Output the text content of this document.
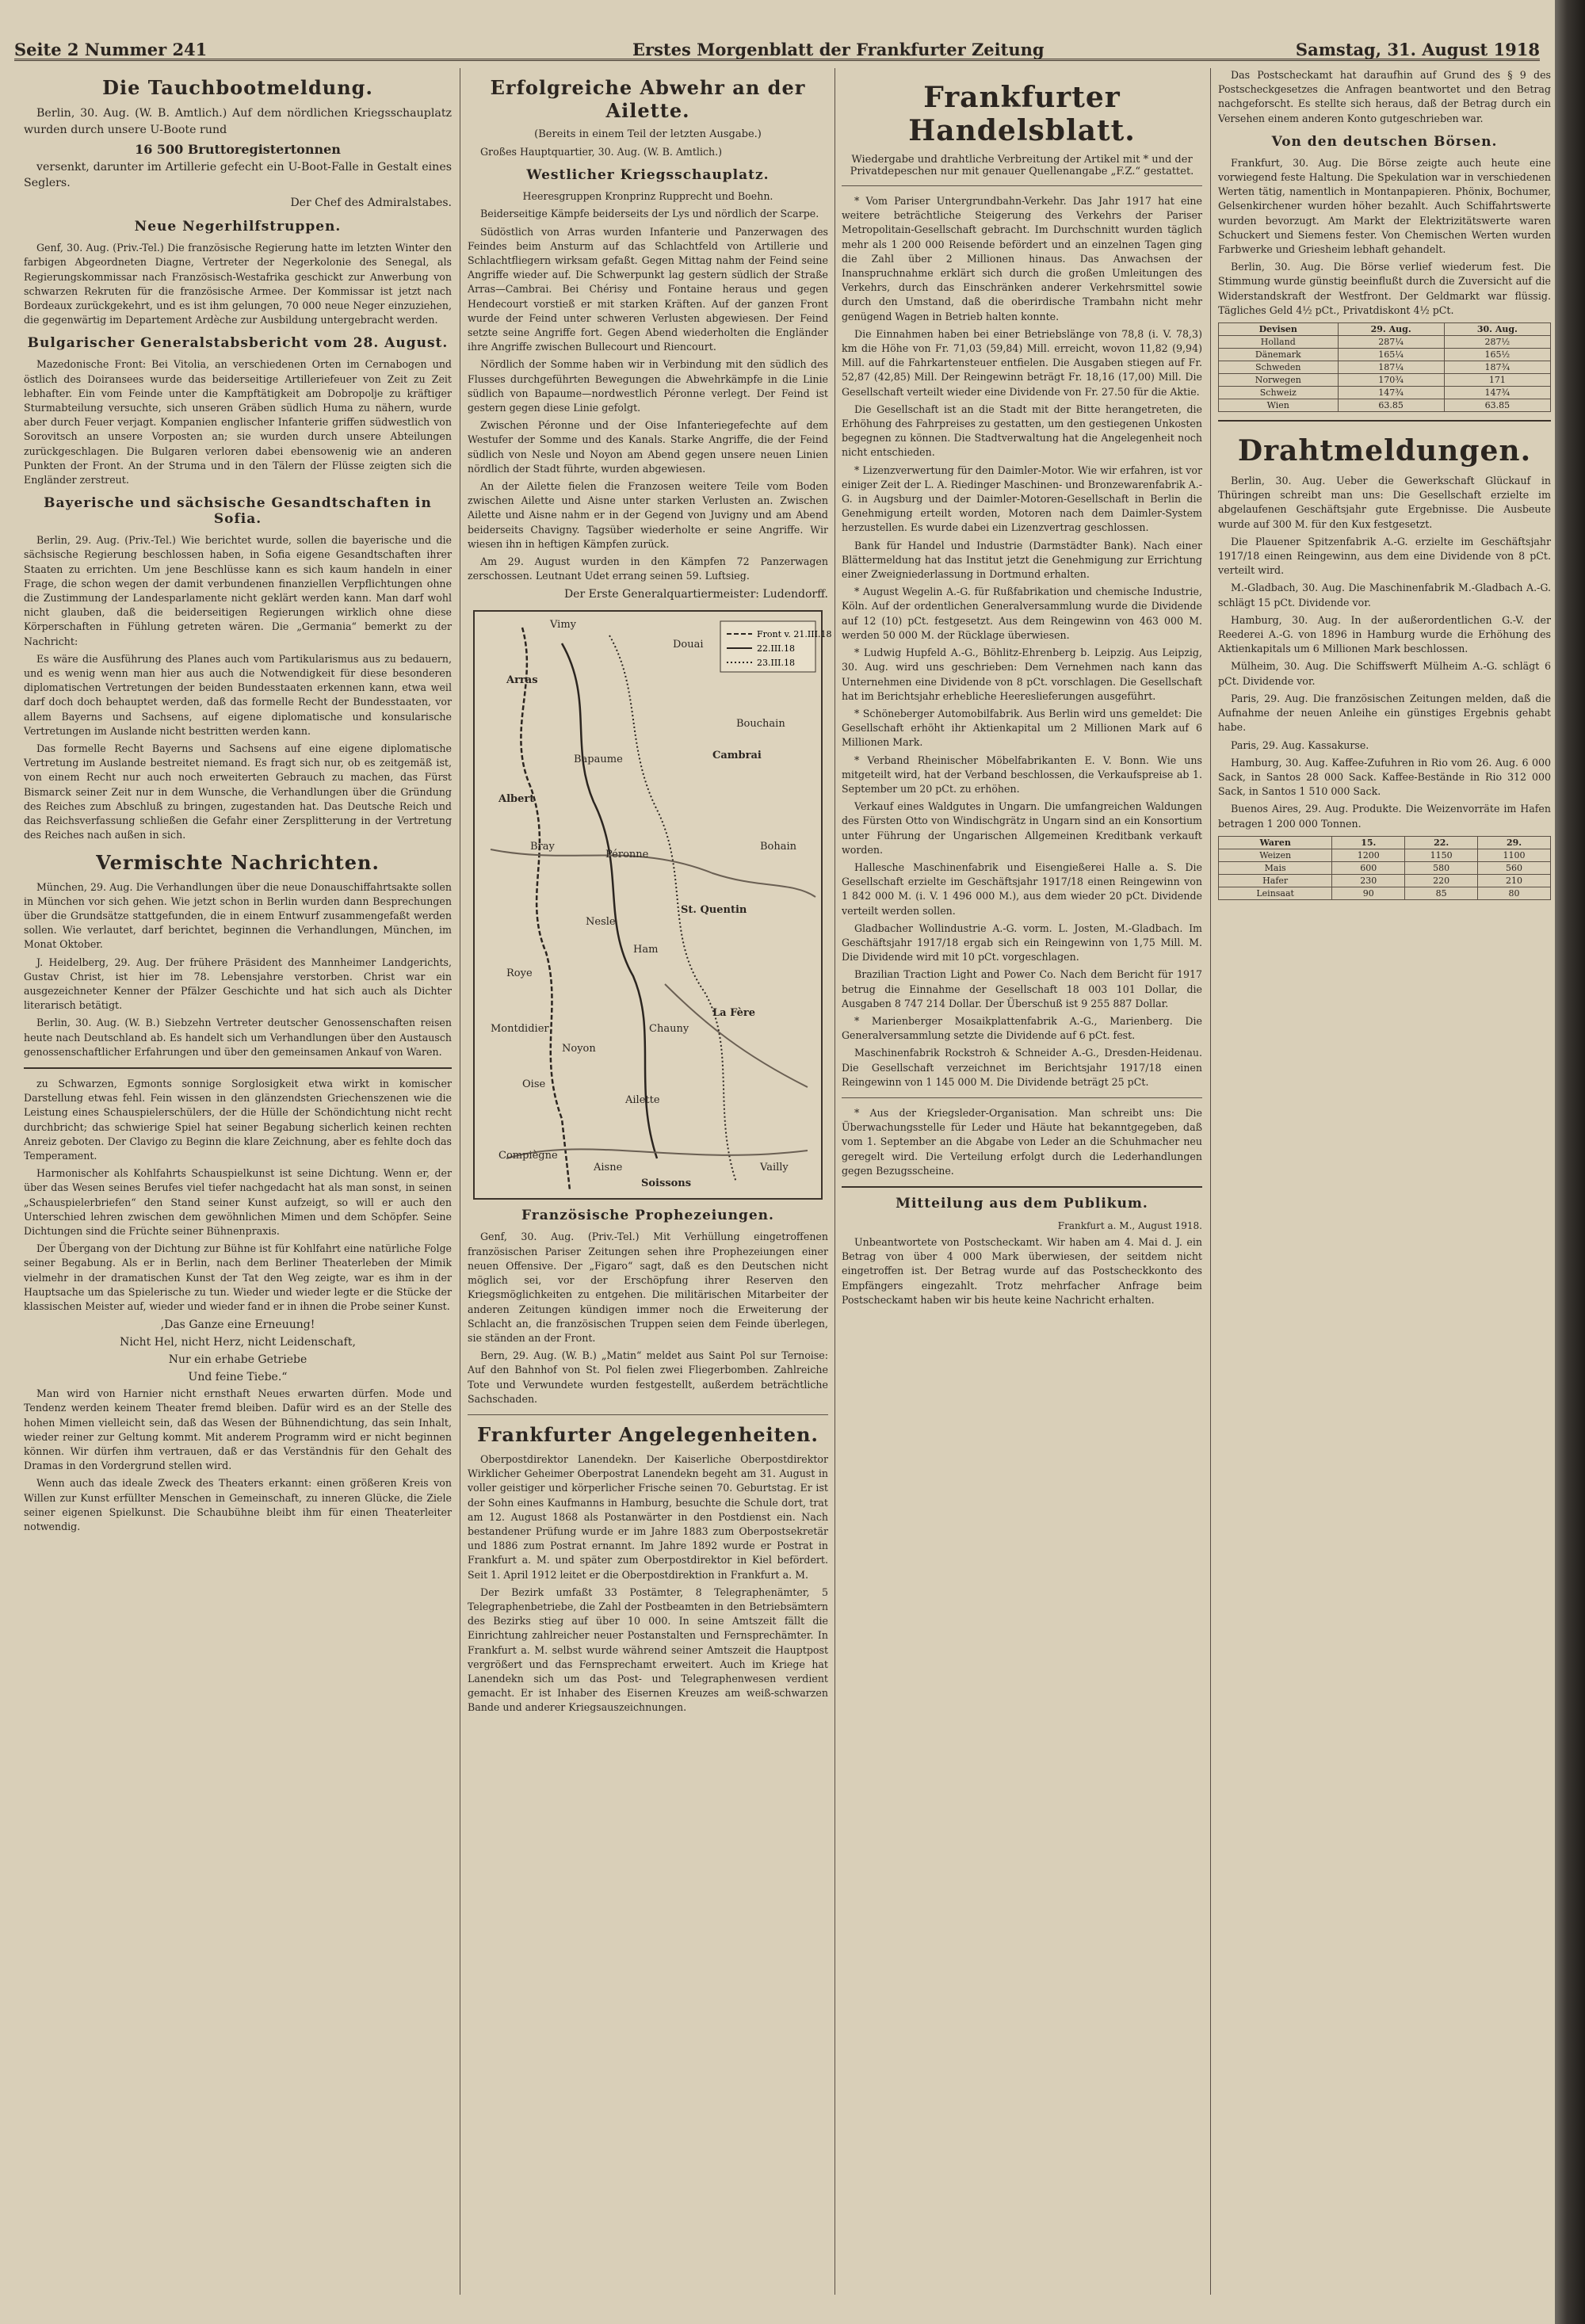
Seite 2 Nummer 241	Erstes Morgenblatt der Frankfurter Zeitung	Samstag, 31. August 1918
Die Tauchbootmeldung.

Berlin, 30. Aug. (W. B. Amtlich.) Auf dem nördlichen Kriegsschauplatz wurden durch unsere U-Boote rund

16 500 Bruttoregistertonnen

versenkt, darunter im Artillerie gefecht ein U-Boot-Falle in Gestalt eines Seglers.

Der Chef des Admiralstabes.
Neue Negerhilfstruppen.

Genf, 30. Aug. (Priv.-Tel.) Die französische Regierung hatte im letzten Winter den farbigen Abgeordneten Diagne, Vertreter der Negerkolonie des Senegal, als Regierungskommissar nach Französisch-Westafrika geschickt zur Anwerbung von schwarzen Rekruten für die französische Armee. Der Kommissar ist jetzt nach Bordeaux zurückgekehrt, und es ist ihm gelungen, 70 000 neue Neger einzuziehen, die gegenwärtig im Departement Ardèche zur Ausbildung untergebracht werden.

Bulgarischer Generalstabsbericht vom 28. August.

Mazedonische Front: Bei Vitolia, an verschiedenen Orten im Cernabogen und östlich des Doiransees wurde das beiderseitige Artilleriefeuer von Zeit zu Zeit lebhafter. Ein vom Feinde unter die Kampftätigkeit am Dobropolje zu kräftiger Sturmabteilung versuchte, sich unseren Gräben südlich Huma zu nähern, wurde aber durch Feuer verjagt. Kompanien englischer Infanterie griffen südwestlich von Sorovitsch an unsere Vorposten an; sie wurden durch unsere Abteilungen zurückgeschlagen. Die Bulgaren verloren dabei ebensowenig wie an anderen Punkten der Front. An der Struma und in den Tälern der Flüsse zeigten sich die Engländer zerstreut.

Bayerische und sächsische Gesandtschaften in Sofia.

Berlin, 29. Aug. (Priv.-Tel.) Wie berichtet wurde, sollen die bayerische und die sächsische Regierung beschlossen haben, in Sofia eigene Gesandtschaften ihrer Staaten zu errichten. Um jene Beschlüsse kann es sich kaum handeln in einer Frage, die schon wegen der damit verbundenen finanziellen Verpflichtungen ohne die Zustimmung der Landesparlamente nicht geklärt werden kann. Man darf wohl nicht glauben, daß die beiderseitigen Regierungen wirklich ohne diese Körperschaften in Fühlung getreten wären. Die „Germania“ bemerkt zu der Nachricht:

Es wäre die Ausführung des Planes auch vom Partikularismus aus zu bedauern, und es wenig wenn man hier aus auch die Notwendigkeit für diese besonderen diplomatischen Vertretungen der beiden Bundesstaaten erkennen kann, etwa weil darf doch doch behauptet werden, daß das formelle Recht der Bundesstaaten, vor allem Bayerns und Sachsens, auf eigene diplomatische und konsularische Vertretungen im Auslande nicht bestritten werden kann.

Das formelle Recht Bayerns und Sachsens auf eine eigene diplomatische Vertretung im Auslande bestreitet niemand. Es fragt sich nur, ob es zeitgemäß ist, von einem Recht nur auch noch erweiterten Gebrauch zu machen, das Fürst Bismarck seiner Zeit nur in dem Wunsche, die Verhandlungen über die Gründung des Reiches zum Abschluß zu bringen, zugestanden hat. Das Deutsche Reich und das Reichsverfassung schließen die Gefahr einer Zersplitterung in der Vertretung des Reiches nach außen in sich.

Vermischte Nachrichten.

München, 29. Aug. Die Verhandlungen über die neue Donauschiffahrtsakte sollen in München vor sich gehen. Wie jetzt schon in Berlin wurden dann Besprechungen über die Grundsätze stattgefunden, die in einem Entwurf zusammengefaßt werden sollen. Wie verlautet, darf berichtet, beginnen die Verhandlungen, München, im Monat Oktober.

J. Heidelberg, 29. Aug. Der frühere Präsident des Mannheimer Landgerichts, Gustav Christ, ist hier im 78. Lebensjahre verstorben. Christ war ein ausgezeichneter Kenner der Pfälzer Geschichte und hat sich auch als Dichter literarisch betätigt.

Berlin, 30. Aug. (W. B.) Siebzehn Vertreter deutscher Genossenschaften reisen heute nach Deutschland ab. Es handelt sich um Verhandlungen über den Austausch genossenschaftlicher Erfahrungen und über den gemeinsamen Ankauf von Waren.

zu Schwarzen, Egmonts sonnige Sorglosigkeit etwa wirkt in komischer Darstellung etwas fehl. Fein wissen in den glänzendsten Griechenszenen wie die Leistung eines Schauspielerschülers, der die Hülle der Schöndichtung nicht recht durchbricht; das schwierige Spiel hat seiner Begabung sicherlich keinen rechten Anreiz geboten. Der Clavigo zu Beginn die klare Zeichnung, aber es fehlte doch das Temperament.

Harmonischer als Kohlfahrts Schauspielkunst ist seine Dichtung. Wenn er, der über das Wesen seines Berufes viel tiefer nachgedacht hat als man sonst, in seinen „Schauspielerbriefen“ den Stand seiner Kunst aufzeigt, so will er auch den Unterschied lehren zwischen dem gewöhnlichen Mimen und dem Schöpfer. Seine Dichtungen sind die Früchte seiner Bühnenpraxis.

Der Übergang von der Dichtung zur Bühne ist für Kohlfahrt eine natürliche Folge seiner Begabung. Als er in Berlin, nach dem Berliner Theaterleben der Mimik vielmehr in der dramatischen Kunst der Tat den Weg zeigte, war es ihm in der Hauptsache um das Spielerische zu tun. Wieder und wieder legte er die Stücke der klassischen Meister auf, wieder und wieder fand er in ihnen die Probe seiner Kunst.

,Das Ganze eine Erneuung!
Nicht Hel, nicht Herz, nicht Leidenschaft,
Nur ein erhabe Getriebe
Und feine Tiebe.“

Man wird von Harnier nicht ernsthaft Neues erwarten dürfen. Mode und Tendenz werden keinem Theater fremd bleiben. Dafür wird es an der Stelle des hohen Mimen vielleicht sein, daß das Wesen der Bühnendichtung, das sein Inhalt, wieder reiner zur Geltung kommt. Mit anderem Programm wird er nicht beginnen können. Wir dürfen ihm vertrauen, daß er das Verständnis für den Gehalt des Dramas in den Vordergrund stellen wird.

Wenn auch das ideale Zweck des Theaters erkannt: einen größeren Kreis von Willen zur Kunst erfüllter Menschen in Gemeinschaft, zu inneren Glücke, die Ziele seiner eigenen Spielkunst. Die Schaubühne bleibt ihm für einen Theaterleiter notwendig.

Erfolgreiche Abwehr an der Ailette.
(Bereits in einem Teil der letzten Ausgabe.)

Großes Hauptquartier, 30. Aug. (W. B. Amtlich.)

Westlicher Kriegsschauplatz.

Heeresgruppen Kronprinz Rupprecht und Boehn.

Beiderseitige Kämpfe beiderseits der Lys und nördlich der Scarpe.

Südöstlich von Arras wurden Infanterie und Panzerwagen des Feindes beim Ansturm auf das Schlachtfeld von Artillerie und Schlachtfliegern wirksam gefaßt. Gegen Mittag nahm der Feind seine Angriffe wieder auf. Die Schwerpunkt lag gestern südlich der Straße Arras—Cambrai. Bei Chérisy und Fontaine heraus und gegen Hendecourt vorstieß er mit starken Kräften. Auf der ganzen Front wurde der Feind unter schweren Verlusten abgewiesen. Der Feind setzte seine Angriffe fort. Gegen Abend wiederholten die Engländer ihre Angriffe zwischen Bullecourt und Riencourt.

Nördlich der Somme haben wir in Verbindung mit den südlich des Flusses durchgeführten Bewegungen die Abwehrkämpfe in die Linie südlich von Bapaume—nordwestlich Péronne verlegt. Der Feind ist gestern gegen diese Linie gefolgt.

Zwischen Péronne und der Oise Infanteriegefechte auf dem Westufer der Somme und des Kanals. Starke Angriffe, die der Feind südlich von Nesle und Noyon am Abend gegen unsere neuen Linien nördlich der Stadt führte, wurden abgewiesen.

An der Ailette fielen die Franzosen weitere Teile vom Boden zwischen Ailette und Aisne unter starken Verlusten an. Zwischen Ailette und Aisne nahm er in der Gegend von Juvigny und am Abend beiderseits Chavigny. Tagsüber wiederholte er seine Angriffe. Wir wiesen ihn in heftigen Kämpfen zurück.

Am 29. August wurden in den Kämpfen 72 Panzerwagen zerschossen. Leutnant Udet errang seinen 59. Luftsieg.

Der Erste Generalquartiermeister: Ludendorff.
Front v. 21.III.18
22.III.18
23.III.18
Vimy
Arras
Douai
Bouchain
Cambrai
Bapaume
Albert
Bray
Péronne
Ham
St. Quentin
Roye
Nesle
Montdidier
Noyon
Chauny
La Fère
Bohain
Ailette
Soissons
Compiègne
Vailly
Aisne
Oise
Französische Prophezeiungen.

Genf, 30. Aug. (Priv.-Tel.) Mit Verhüllung eingetroffenen französischen Pariser Zeitungen sehen ihre Prophezeiungen einer neuen Offensive. Der „Figaro“ sagt, daß es den Deutschen nicht möglich sei, vor der Erschöpfung ihrer Reserven den Kriegsmöglichkeiten zu entgehen. Die militärischen Mitarbeiter der anderen Zeitungen kündigen immer noch die Erweiterung der Schlacht an, die französischen Truppen seien dem Feinde überlegen, sie ständen an der Front.

Bern, 29. Aug. (W. B.) „Matin“ meldet aus Saint Pol sur Ternoise: Auf den Bahnhof von St. Pol fielen zwei Fliegerbomben. Zahlreiche Tote und Verwundete wurden festgestellt, außerdem beträchtliche Sachschaden.

Frankfurter Angelegenheiten.

Oberpostdirektor Lanendekn. Der Kaiserliche Oberpostdirektor Wirklicher Geheimer Oberpostrat Lanendekn begeht am 31. August in voller geistiger und körperlicher Frische seinen 70. Geburtstag. Er ist der Sohn eines Kaufmanns in Hamburg, besuchte die Schule dort, trat am 12. August 1868 als Postanwärter in den Postdienst ein. Nach bestandener Prüfung wurde er im Jahre 1883 zum Oberpostsekretär und 1886 zum Postrat ernannt. Im Jahre 1892 wurde er Postrat in Frankfurt a. M. und später zum Oberpostdirektor in Kiel befördert. Seit 1. April 1912 leitet er die Oberpostdirektion in Frankfurt a. M.

Der Bezirk umfaßt 33 Postämter, 8 Telegraphenämter, 5 Telegraphenbetriebe, die Zahl der Postbeamten in den Betriebsämtern des Bezirks stieg auf über 10 000. In seine Amtszeit fällt die Einrichtung zahlreicher neuer Postanstalten und Fernsprechämter. In Frankfurt a. M. selbst wurde während seiner Amtszeit die Hauptpost vergrößert und das Fernsprechamt erweitert. Auch im Kriege hat Lanendekn sich um das Post- und Telegraphenwesen verdient gemacht. Er ist Inhaber des Eisernen Kreuzes am weiß-schwarzen Bande und anderer Kriegsauszeichnungen.

Frankfurter Handelsblatt.
Wiedergabe und drahtliche Verbreitung der Artikel mit * und der Privatdepeschen nur mit genauer Quellenangabe „F.Z.“ gestattet.

* Vom Pariser Untergrundbahn-Verkehr. Das Jahr 1917 hat eine weitere beträchtliche Steigerung des Verkehrs der Pariser Metropolitain-Gesellschaft gebracht. Im Durchschnitt wurden täglich mehr als 1 200 000 Reisende befördert und an einzelnen Tagen ging die Zahl über 2 Millionen hinaus. Das Anwachsen der Inanspruchnahme erklärt sich durch die großen Umleitungen des Verkehrs, durch das Einschränken anderer Verkehrsmittel sowie durch den Umstand, daß die oberirdische Trambahn nicht mehr genügend Wagen in Betrieb halten konnte.

Die Einnahmen haben bei einer Betriebslänge von 78,8 (i. V. 78,3) km die Höhe von Fr. 71,03 (59,84) Mill. erreicht, wovon 11,82 (9,94) Mill. auf die Fahrkartensteuer entfielen. Die Ausgaben stiegen auf Fr. 52,87 (42,85) Mill. Der Reingewinn beträgt Fr. 18,16 (17,00) Mill. Die Gesellschaft verteilt wieder eine Dividende von Fr. 27.50 für die Aktie.

Die Gesellschaft ist an die Stadt mit der Bitte herangetreten, die Erhöhung des Fahrpreises zu gestatten, um den gestiegenen Unkosten begegnen zu können. Die Stadtverwaltung hat die Angelegenheit noch nicht entschieden.

* Lizenzverwertung für den Daimler-Motor. Wie wir erfahren, ist vor einiger Zeit der L. A. Riedinger Maschinen- und Bronzewarenfabrik A.-G. in Augsburg und der Daimler-Motoren-Gesellschaft in Berlin die Genehmigung erteilt worden, Motoren nach dem Daimler-System herzustellen. Es wurde dabei ein Lizenzvertrag geschlossen.

Bank für Handel und Industrie (Darmstädter Bank). Nach einer Blättermeldung hat das Institut jetzt die Genehmigung zur Errichtung einer Zweigniederlassung in Dortmund erhalten.

* August Wegelin A.-G. für Rußfabrikation und chemische Industrie, Köln. Auf der ordentlichen Generalversammlung wurde die Dividende auf 12 (10) pCt. festgesetzt. Aus dem Reingewinn von 463 000 M. werden 50 000 M. der Rücklage überwiesen.

* Ludwig Hupfeld A.-G., Böhlitz-Ehrenberg b. Leipzig. Aus Leipzig, 30. Aug. wird uns geschrieben: Dem Vernehmen nach kann das Unternehmen eine Dividende von 8 pCt. vorschlagen. Die Gesellschaft hat im Berichtsjahr erhebliche Heereslieferungen ausgeführt.

* Schöneberger Automobilfabrik. Aus Berlin wird uns gemeldet: Die Gesellschaft erhöht ihr Aktienkapital um 2 Millionen Mark auf 6 Millionen Mark.

* Verband Rheinischer Möbelfabrikanten E. V. Bonn. Wie uns mitgeteilt wird, hat der Verband beschlossen, die Verkaufspreise ab 1. September um 20 pCt. zu erhöhen.

Verkauf eines Waldgutes in Ungarn. Die umfangreichen Waldungen des Fürsten Otto von Windischgrätz in Ungarn sind an ein Konsortium unter Führung der Ungarischen Allgemeinen Kreditbank verkauft worden.

Hallesche Maschinenfabrik und Eisengießerei Halle a. S. Die Gesellschaft erzielte im Geschäftsjahr 1917/18 einen Reingewinn von 1 842 000 M. (i. V. 1 496 000 M.), aus dem wieder 20 pCt. Dividende verteilt werden sollen.

Gladbacher Wollindustrie A.-G. vorm. L. Josten, M.-Gladbach. Im Geschäftsjahr 1917/18 ergab sich ein Reingewinn von 1,75 Mill. M. Die Dividende wird mit 10 pCt. vorgeschlagen.

Brazilian Traction Light and Power Co. Nach dem Bericht für 1917 betrug die Einnahme der Gesellschaft 18 003 101 Dollar, die Ausgaben 8 747 214 Dollar. Der Überschuß ist 9 255 887 Dollar.

* Marienberger Mosaikplattenfabrik A.-G., Marienberg. Die Generalversammlung setzte die Dividende auf 6 pCt. fest.

Maschinenfabrik Rockstroh & Schneider A.-G., Dresden-Heidenau. Die Gesellschaft verzeichnet im Berichtsjahr 1917/18 einen Reingewinn von 1 145 000 M. Die Dividende beträgt 25 pCt.

* Aus der Kriegsleder-Organisation. Man schreibt uns: Die Überwachungsstelle für Leder und Häute hat bekanntgegeben, daß vom 1. September an die Abgabe von Leder an die Schuhmacher neu geregelt wird. Die Verteilung erfolgt durch die Lederhandlungen gegen Bezugsscheine.

Mitteilung aus dem Publikum.
Frankfurt a. M., August 1918.

Unbeantwortete von Postscheckamt. Wir haben am 4. Mai d. J. ein Betrag von über 4 000 Mark überwiesen, der seitdem nicht eingetroffen ist. Der Betrag wurde auf das Postscheckkonto des Empfängers eingezahlt. Trotz mehrfacher Anfrage beim Postscheckamt haben wir bis heute keine Nachricht erhalten.

Das Postscheckamt hat daraufhin auf Grund des § 9 des Postscheckgesetzes die Anfragen beantwortet und den Betrag nachgeforscht. Es stellte sich heraus, daß der Betrag durch ein Versehen einem anderen Konto gutgeschrieben war.

Von den deutschen Börsen.

Frankfurt, 30. Aug. Die Börse zeigte auch heute eine vorwiegend feste Haltung. Die Spekulation war in verschiedenen Werten tätig, namentlich in Montanpapieren. Phönix, Bochumer, Gelsenkirchener wurden höher bezahlt. Auch Schiffahrtswerte wurden bevorzugt. Am Markt der Elektrizitätswerte waren Schuckert und Siemens fester. Von Chemischen Werten wurden Farbwerke und Griesheim lebhaft gehandelt.

Berlin, 30. Aug. Die Börse verlief wiederum fest. Die Stimmung wurde günstig beeinflußt durch die Zuversicht auf die Widerstandskraft der Westfront. Der Geldmarkt war flüssig. Tägliches Geld 4½ pCt., Privatdiskont 4½ pCt.

Devisen	29. Aug.	30. Aug.
Holland	287¼	287½
Dänemark	165¼	165½
Schweden	187¼	187¾
Norwegen	170¾	171
Schweiz	147¾	147¾
Wien	63.85	63.85
Drahtmeldungen.

Berlin, 30. Aug. Ueber die Gewerkschaft Glückauf in Thüringen schreibt man uns: Die Gesellschaft erzielte im abgelaufenen Geschäftsjahr gute Ergebnisse. Die Ausbeute wurde auf 300 M. für den Kux festgesetzt.

Die Plauener Spitzenfabrik A.-G. erzielte im Geschäftsjahr 1917/18 einen Reingewinn, aus dem eine Dividende von 8 pCt. verteilt wird.

M.-Gladbach, 30. Aug. Die Maschinenfabrik M.-Gladbach A.-G. schlägt 15 pCt. Dividende vor.

Hamburg, 30. Aug. In der außerordentlichen G.-V. der Reederei A.-G. von 1896 in Hamburg wurde die Erhöhung des Aktienkapitals um 6 Millionen Mark beschlossen.

Mülheim, 30. Aug. Die Schiffswerft Mülheim A.-G. schlägt 6 pCt. Dividende vor.

Paris, 29. Aug. Die französischen Zeitungen melden, daß die Aufnahme der neuen Anleihe ein günstiges Ergebnis gehabt habe.

Paris, 29. Aug. Kassakurse.

Hamburg, 30. Aug. Kaffee-Zufuhren in Rio vom 26. Aug. 6 000 Sack, in Santos 28 000 Sack. Kaffee-Bestände in Rio 312 000 Sack, in Santos 1 510 000 Sack.

Buenos Aires, 29. Aug. Produkte. Die Weizenvorräte im Hafen betragen 1 200 000 Tonnen.

Waren	15.	22.	29.
Weizen	1200	1150	1100
Mais	600	580	560
Hafer	230	220	210
Leinsaat	90	85	80
